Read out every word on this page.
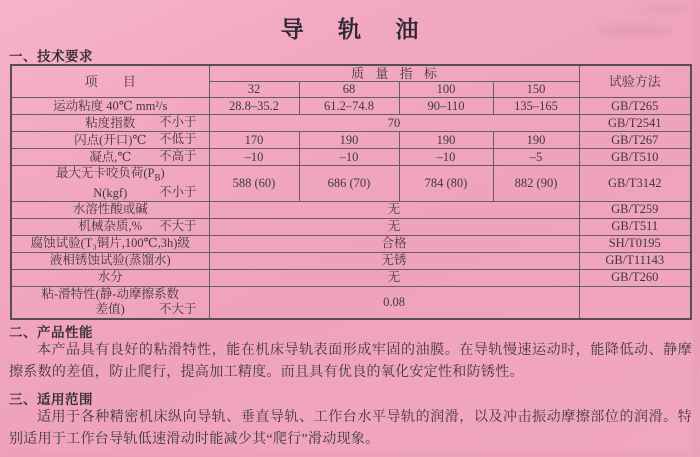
导 轨 油
一、技术要求
项 目	质 量 指 标				试验方法
	32	68	100	150	
运动粘度 40℃ mm²/s	28.8–35.2	61.2–74.8	90–110	135–165	GB/T265
粘度指数 不小于	70				GB/T2541
闪点(开口)℃ 不低于	170	190	190	190	GB/T267
凝点,℃ 不高于	–10	–10	–10	–5	GB/T510
最大无卡咬负荷$(P_B)$
N(kgf) 不小于	588 (60)	686 (70)	784 (80)	882 (90)	GB/T3142
水溶性酸或碱	无				GB/T259
机械杂质,% 不大于	无				GB/T511
腐蚀试验(T₃铜片,100℃,3h)级	合格				SH/T0195
液相锈蚀试验(蒸馏水)	无锈				GB/T11143
水分	无				GB/T260
粘-滑特性(静-动摩擦系数
差值) 不大于	0.08				
二、产品性能
本产品具有良好的粘滑特性，能在机床导轨表面形成牢固的油膜。在导轨慢速运动时，能降低动、静摩擦系数的差值，防止爬行，提高加工精度。而且具有优良的氧化安定性和防锈性。
三、适用范围
适用于各种精密机床纵向导轨、垂直导轨、工作台水平导轨的润滑，以及冲击振动摩擦部位的润滑。特别适用于工作台导轨低速滑动时能减少其“爬行”滑动现象。
